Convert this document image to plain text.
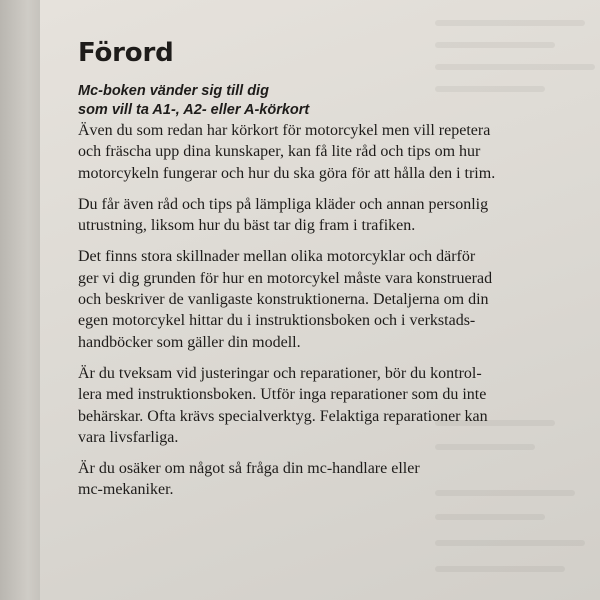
Förord

Mc-boken vänder sig till dig
som vill ta A1-, A2- eller A-körkort

Även du som redan har körkort för motorcykel men vill repetera
och fräscha upp dina kunskaper, kan få lite råd och tips om hur
motorcykeln fungerar och hur du ska göra för att hålla den i trim.

Du får även råd och tips på lämpliga kläder och annan personlig
utrustning, liksom hur du bäst tar dig fram i trafiken.

Det finns stora skillnader mellan olika motorcyklar och därför
ger vi dig grunden för hur en motorcykel måste vara konstruerad
och beskriver de vanligaste konstruktionerna. Detaljerna om din
egen motorcykel hittar du i instruktionsboken och i verkstads-
handböcker som gäller din modell.

Är du tveksam vid justeringar och reparationer, bör du kontrol-
lera med instruktionsboken. Utför inga reparationer som du inte
behärskar. Ofta krävs specialverktyg. Felaktiga reparationer kan
vara livsfarliga.

Är du osäker om något så fråga din mc-handlare eller
mc-mekaniker.
